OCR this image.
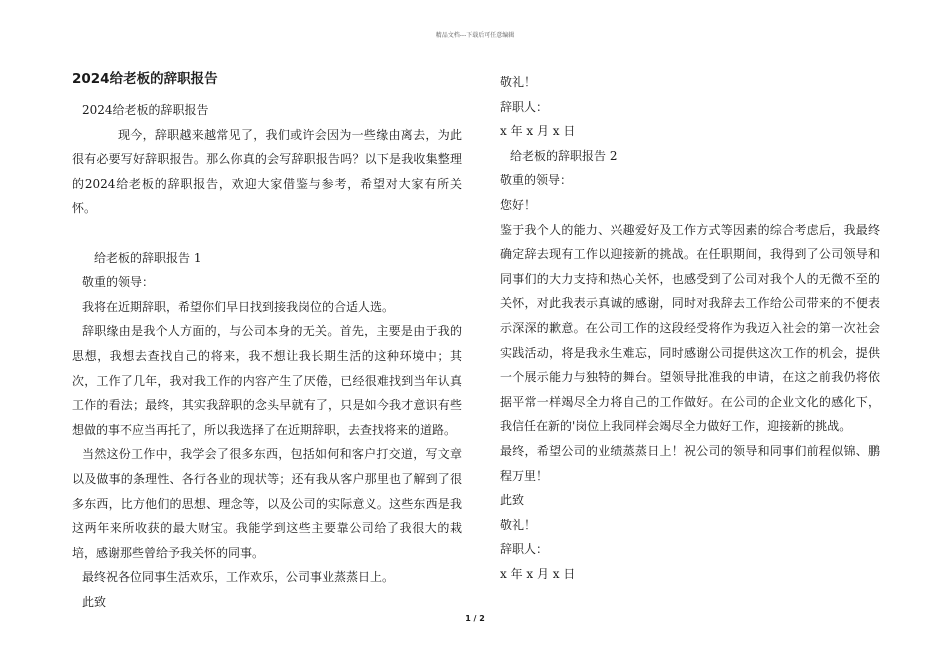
精品文档---下载后可任意编辑

2024给老板的辞职报告

2024给老板的辞职报告

现今，辞职越来越常见了，我们或许会因为一些缘由离去，为此很有必要写好辞职报告。那么你真的会写辞职报告吗？以下是我收集整理的2024给老板的辞职报告，欢迎大家借鉴与参考，希望对大家有所关怀。

给老板的辞职报告 1

敬重的领导：

我将在近期辞职，希望你们早日找到接我岗位的合适人选。

辞职缘由是我个人方面的，与公司本身的无关。首先，主要是由于我的思想，我想去查找自己的将来，我不想让我长期生活的这种环境中；其次，工作了几年，我对我工作的内容产生了厌倦，已经很难找到当年认真工作的看法；最终，其实我辞职的念头早就有了，只是如今我才意识有些想做的事不应当再托了，所以我选择了在近期辞职，去查找将来的道路。

当然这份工作中，我学会了很多东西，包括如何和客户打交道，写文章以及做事的条理性、各行各业的现状等；还有我从客户那里也了解到了很多东西，比方他们的思想、理念等，以及公司的实际意义。这些东西是我这两年来所收获的最大财宝。我能学到这些主要靠公司给了我很大的栽培，感谢那些曾给予我关怀的同事。

最终祝各位同事生活欢乐，工作欢乐，公司事业蒸蒸日上。

此致

敬礼！

辞职人：

x 年 x 月 x 日

给老板的辞职报告 2

敬重的领导：

您好！

鉴于我个人的能力、兴趣爱好及工作方式等因素的综合考虑后，我最终确定辞去现有工作以迎接新的挑战。在任职期间，我得到了公司领导和同事们的大力支持和热心关怀，也感受到了公司对我个人的无微不至的关怀，对此我表示真诚的感谢，同时对我辞去工作给公司带来的不便表示深深的歉意。在公司工作的这段经受将作为我迈入社会的第一次社会实践活动，将是我永生难忘，同时感谢公司提供这次工作的机会，提供一个展示能力与独特的舞台。望领导批准我的申请，在这之前我仍将依据平常一样竭尽全力将自己的工作做好。在公司的企业文化的感化下，我信任在新的'岗位上我同样会竭尽全力做好工作，迎接新的挑战。

最终，希望公司的业绩蒸蒸日上！祝公司的领导和同事们前程似锦、鹏程万里！

此致

敬礼！

辞职人：

x 年 x 月 x 日

1 / 2
